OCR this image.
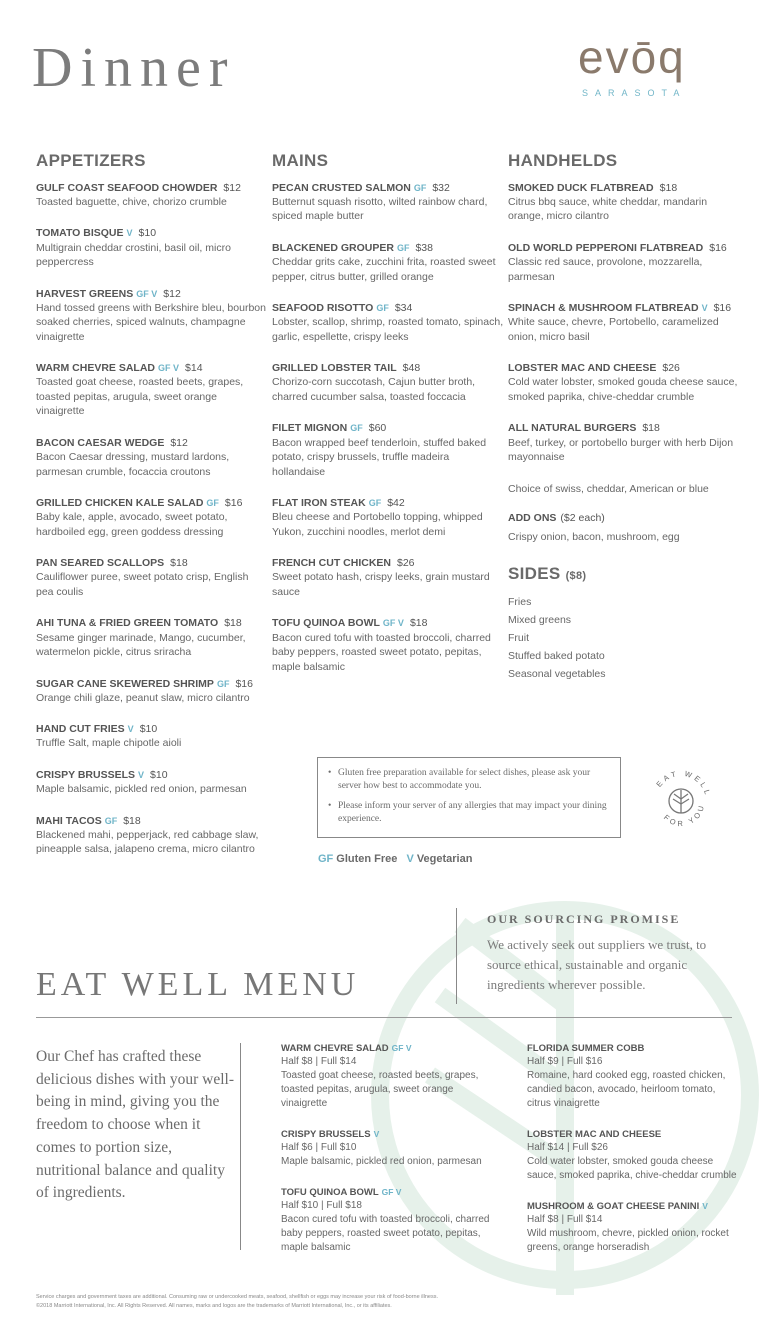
Dinner	evōq
SARASOTA
APPETIZERS
GULF COAST SEAFOOD CHOWDER $12
Toasted baguette, chive, chorizo crumble
TOMATO BISQUE V $10
Multigrain cheddar crostini, basil oil, micro peppercress
HARVEST GREENS GF V $12
Hand tossed greens with Berkshire bleu, bourbon soaked cherries, spiced walnuts, champagne vinaigrette
WARM CHEVRE SALAD GF V $14
Toasted goat cheese, roasted beets, grapes, toasted pepitas, arugula, sweet orange vinaigrette
BACON CAESAR WEDGE $12
Bacon Caesar dressing, mustard lardons, parmesan crumble, focaccia croutons
GRILLED CHICKEN KALE SALAD GF $16
Baby kale, apple, avocado, sweet potato, hardboiled egg, green goddess dressing
PAN SEARED SCALLOPS $18
Cauliflower puree, sweet potato crisp, English pea coulis
AHI TUNA & FRIED GREEN TOMATO $18
Sesame ginger marinade, Mango, cucumber, watermelon pickle, citrus sriracha
SUGAR CANE SKEWERED SHRIMP GF $16
Orange chili glaze, peanut slaw, micro cilantro
HAND CUT FRIES V $10
Truffle Salt, maple chipotle aioli
CRISPY BRUSSELS V $10
Maple balsamic, pickled red onion, parmesan
MAHI TACOS GF $18
Blackened mahi, pepperjack, red cabbage slaw, pineapple salsa, jalapeno crema, micro cilantro
MAINS
PECAN CRUSTED SALMON GF $32
Butternut squash risotto, wilted rainbow chard, spiced maple butter
BLACKENED GROUPER GF $38
Cheddar grits cake, zucchini frita, roasted sweet pepper, citrus butter, grilled orange
SEAFOOD RISOTTO GF $34
Lobster, scallop, shrimp, roasted tomato, spinach, garlic, espellette, crispy leeks
GRILLED LOBSTER TAIL $48
Chorizo-corn succotash, Cajun butter broth, charred cucumber salsa, toasted foccacia
FILET MIGNON GF $60
Bacon wrapped beef tenderloin, stuffed baked potato, crispy brussels, truffle madeira hollandaise
FLAT IRON STEAK GF $42
Bleu cheese and Portobello topping, whipped Yukon, zucchini noodles, merlot demi
FRENCH CUT CHICKEN $26
Sweet potato hash, crispy leeks, grain mustard sauce
TOFU QUINOA BOWL GF V $18
Bacon cured tofu with toasted broccoli, charred baby peppers, roasted sweet potato, pepitas, maple balsamic
HANDHELDS
SMOKED DUCK FLATBREAD $18
Citrus bbq sauce, white cheddar, mandarin orange, micro cilantro
OLD WORLD PEPPERONI FLATBREAD $16
Classic red sauce, provolone, mozzarella, parmesan
SPINACH & MUSHROOM FLATBREAD V $16
White sauce, chevre, Portobello, caramelized onion, micro basil
LOBSTER MAC AND CHEESE $26
Cold water lobster, smoked gouda cheese sauce, smoked paprika, chive-cheddar crumble
ALL NATURAL BURGERS $18
Beef, turkey, or portobello burger with herb Dijon mayonnaise

Choice of swiss, cheddar, American or blue

ADD ONS ($2 each)

Crispy onion, bacon, mushroom, egg

SIDES ($8)
Fries
Mixed greens
Fruit
Stuffed baked potato
Seasonal vegetables
• Gluten free preparation available for select dishes, please ask your server how best to accommodate you.
• Please inform your server of any allergies that may impact your dining experience.
GF Gluten Free V Vegetarian
EAT WELL
FOR YOU
OUR SOURCING PROMISE

We actively seek out suppliers we trust, to source ethical, sustainable and organic ingredients wherever possible.

EAT WELL MENU

Our Chef has crafted these delicious dishes with your well-being in mind, giving you the freedom to choose when it comes to portion size, nutritional balance and quality of ingredients.

WARM CHEVRE SALAD GF V
Half $8 | Full $14
Toasted goat cheese, roasted beets, grapes, toasted pepitas, arugula, sweet orange vinaigrette
CRISPY BRUSSELS V
Half $6 | Full $10
Maple balsamic, pickled red onion, parmesan
TOFU QUINOA BOWL GF V
Half $10 | Full $18
Bacon cured tofu with toasted broccoli, charred baby peppers, roasted sweet potato, pepitas, maple balsamic
FLORIDA SUMMER COBB
Half $9 | Full $16
Romaine, hard cooked egg, roasted chicken, candied bacon, avocado, heirloom tomato, citrus vinaigrette
LOBSTER MAC AND CHEESE
Half $14 | Full $26
Cold water lobster, smoked gouda cheese sauce, smoked paprika, chive-cheddar crumble
MUSHROOM & GOAT CHEESE PANINI V
Half $8 | Full $14
Wild mushroom, chevre, pickled onion, rocket greens, orange horseradish
Service charges and government taxes are additional. Consuming raw or undercooked meats, seafood, shellfish or eggs may increase your risk of food-borne illness.
©2018 Marriott International, Inc. All Rights Reserved. All names, marks and logos are the trademarks of Marriott International, Inc., or its affiliates.
